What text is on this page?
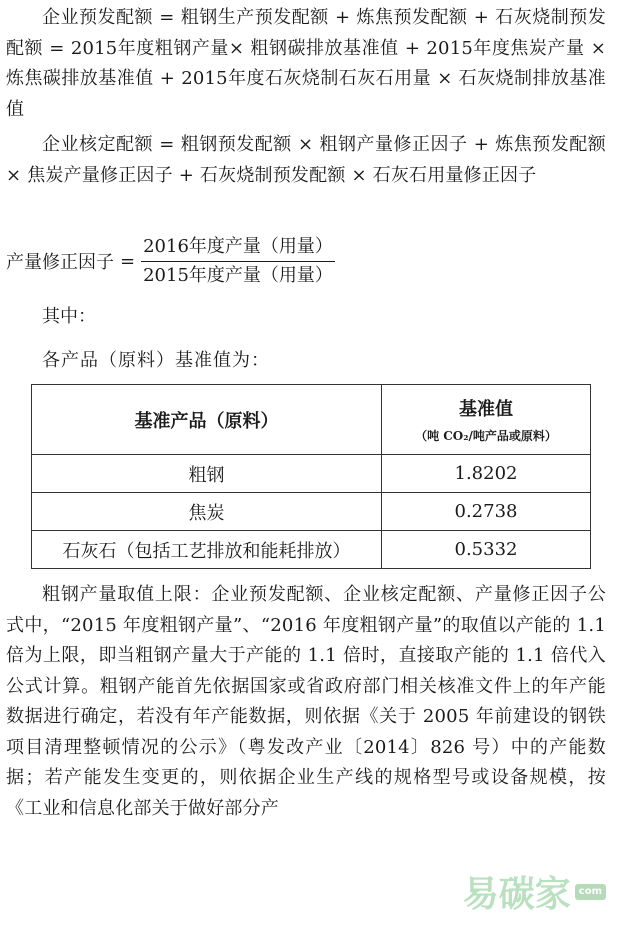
企业预发配额 = 粗钢生产预发配额 + 炼焦预发配额 + 石灰烧制预发配额 = 2015年度粗钢产量× 粗钢碳排放基准值 + 2015年度焦炭产量 × 炼焦碳排放基准值 + 2015年度石灰烧制石灰石用量 × 石灰烧制排放基准值
企业核定配额 = 粗钢预发配额 × 粗钢产量修正因子 + 炼焦预发配额 × 焦炭产量修正因子 + 石灰烧制预发配额 × 石灰石用量修正因子
产量修正因子 = $\frac{\text{2016年度产量（用量）}}{\text{2015年度产量（用量）}}$
其中：
各产品（原料）基准值为：
基准产品（原料）	基准值
（吨 CO₂/吨产品或原料）

粗钢	1.8202
焦炭	0.2738
石灰石（包括工艺排放和能耗排放）	0.5332
粗钢产量取值上限：企业预发配额、企业核定配额、产量修正因子公式中，“2015 年度粗钢产量”、“2016 年度粗钢产量”的取值以产能的 1.1 倍为上限，即当粗钢产量大于产能的 1.1 倍时，直接取产能的 1.1 倍代入公式计算。粗钢产能首先依据国家或省政府部门相关核准文件上的年产能数据进行确定，若没有年产能数据，则依据《关于 2005 年前建设的钢铁项目清理整顿情况的公示》（粤发改产业〔2014〕826 号）中的产能数据；若产能发生变更的，则依据企业生产线的规格型号或设备规模，按《工业和信息化部关于做好部分产
易碳家 com
